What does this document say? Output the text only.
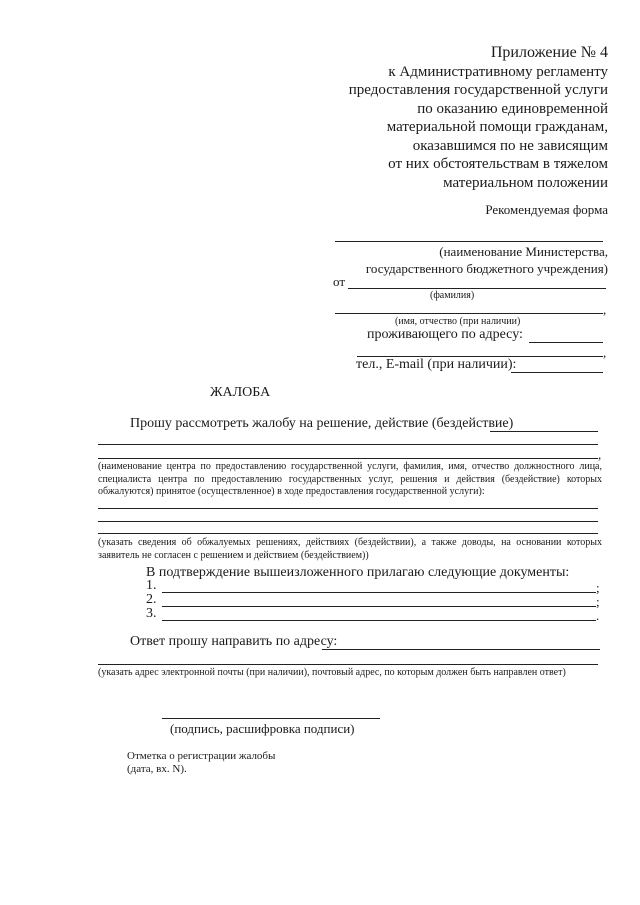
Приложение № 4
к Административному регламенту
предоставления государственной услуги
по оказанию единовременной
материальной помощи гражданам,
оказавшимся по не зависящим
от них обстоятельствам в тяжелом
материальном положении
Рекомендуемая форма
(наименование Министерства,
государственного бюджетного учреждения)
от
(фамилия)
,
(имя, отчество (при наличии)
проживающего по адресу:
,
тел., E-mail (при наличии):
ЖАЛОБА
Прошу рассмотреть жалобу на решение, действие (бездействие)
,
(наименование центра по предоставлению государственной услуги, фамилия, имя, отчество должностного лица, специалиста центра по предоставлению государственных услуг, решения и действия (бездействие) которых обжалуются) принятое (осуществленное) в ходе предоставления государственной услуги):
(указать сведения об обжалуемых решениях, действиях (бездействии), а также доводы, на основании которых заявитель не согласен с решением и действием (бездействием))
В подтверждение вышеизложенного прилагаю следующие документы:
1.	;
2.	;
3.	.
Ответ прошу направить по адресу:
(указать адрес электронной почты (при наличии), почтовый адрес, по которым должен быть направлен ответ)
(подпись, расшифровка подписи)
Отметка о регистрации жалобы
(дата, вх. N).
